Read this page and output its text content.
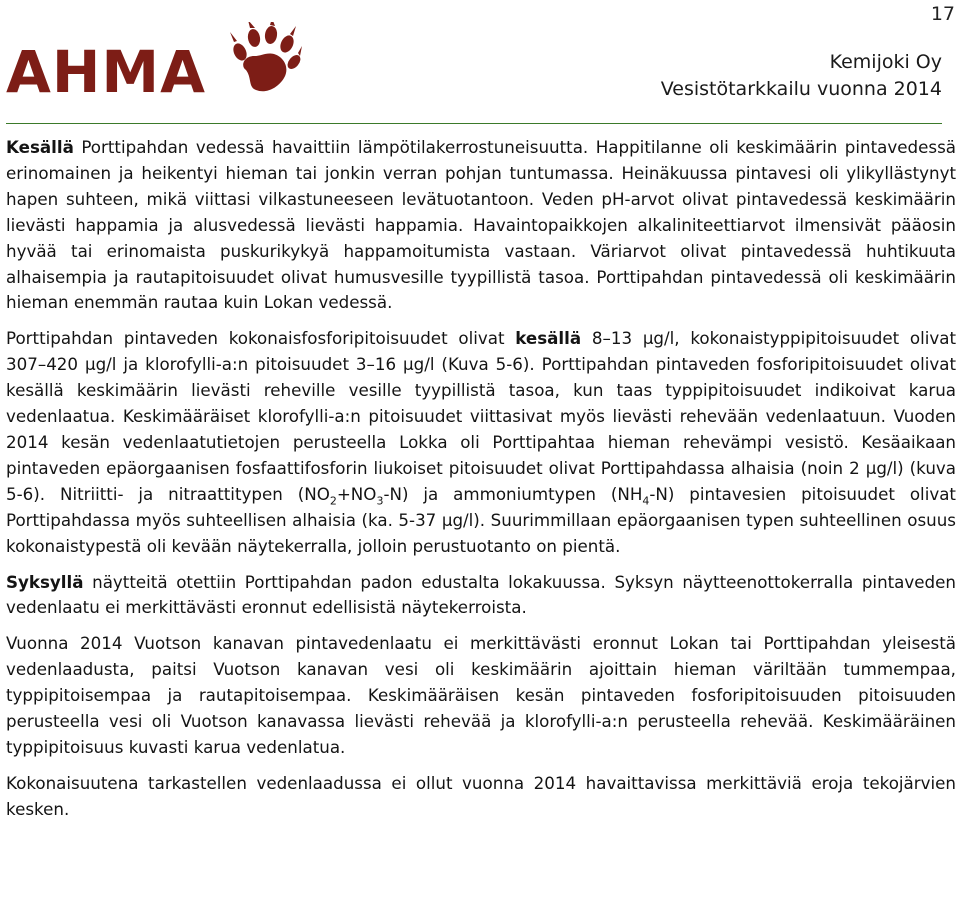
17
AHMA	Kemijoki Oy
Vesistötarkkailu vuonna 2014

Kesällä Porttipahdan vedessä havaittiin lämpötilakerrostuneisuutta. Happitilanne oli keskimäärin pintavedessä erinomainen ja heikentyi hieman tai jonkin verran pohjan tuntumassa. Heinäkuussa pintavesi oli ylikyllästynyt hapen suhteen, mikä viittasi vilkastuneeseen levätuotantoon. Veden pH-arvot olivat pintavedessä keskimäärin lievästi happamia ja alusvedessä lievästi happamia. Havaintopaikkojen alkaliniteettiarvot ilmensivät pääosin hyvää tai erinomaista puskurikykyä happamoitumista vastaan. Väriarvot olivat pintavedessä huhtikuuta alhaisempia ja rautapitoisuudet olivat humusvesille tyypillistä tasoa. Porttipahdan pintavedessä oli keskimäärin hieman enemmän rautaa kuin Lokan vedessä.

Porttipahdan pintaveden kokonaisfosforipitoisuudet olivat kesällä 8–13 µg/l, kokonaistyppipitoisuudet olivat 307–420 µg/l ja klorofylli-a:n pitoisuudet 3–16 µg/l (Kuva 5-6). Porttipahdan pintaveden fosforipitoisuudet olivat kesällä keskimäärin lievästi reheville vesille tyypillistä tasoa, kun taas typpipitoisuudet indikoivat karua vedenlaatua. Keskimääräiset klorofylli-a:n pitoisuudet viittasivat myös lievästi rehevään vedenlaatuun. Vuoden 2014 kesän vedenlaatutietojen perusteella Lokka oli Porttipahtaa hieman rehevämpi vesistö. Kesäaikaan pintaveden epäorgaanisen fosfaattifosforin liukoiset pitoisuudet olivat Porttipahdassa alhaisia (noin 2 µg/l) (kuva 5-6). Nitriitti- ja nitraattitypen $(NO_2+NO_3-N)$ ja ammoniumtypen $(NH_4-N)$ pintavesien pitoisuudet olivat Porttipahdassa myös suhteellisen alhaisia (ka. 5-37 µg/l). Suurimmillaan epäorgaanisen typen suhteellinen osuus kokonaistypestä oli kevään näytekerralla, jolloin perustuotanto on pientä.

Syksyllä näytteitä otettiin Porttipahdan padon edustalta lokakuussa. Syksyn näytteenottokerralla pintaveden vedenlaatu ei merkittävästi eronnut edellisistä näytekerroista.

Vuonna 2014 Vuotson kanavan pintavedenlaatu ei merkittävästi eronnut Lokan tai Porttipahdan yleisestä vedenlaadusta, paitsi Vuotson kanavan vesi oli keskimäärin ajoittain hieman väriltään tummempaa, typpipitoisempaa ja rautapitoisempaa. Keskimääräisen kesän pintaveden fosforipitoisuuden pitoisuuden perusteella vesi oli Vuotson kanavassa lievästi rehevää ja klorofylli-a:n perusteella rehevää. Keskimääräinen typpipitoisuus kuvasti karua vedenlatua.

Kokonaisuutena tarkastellen vedenlaadussa ei ollut vuonna 2014 havaittavissa merkittäviä eroja tekojärvien kesken.
